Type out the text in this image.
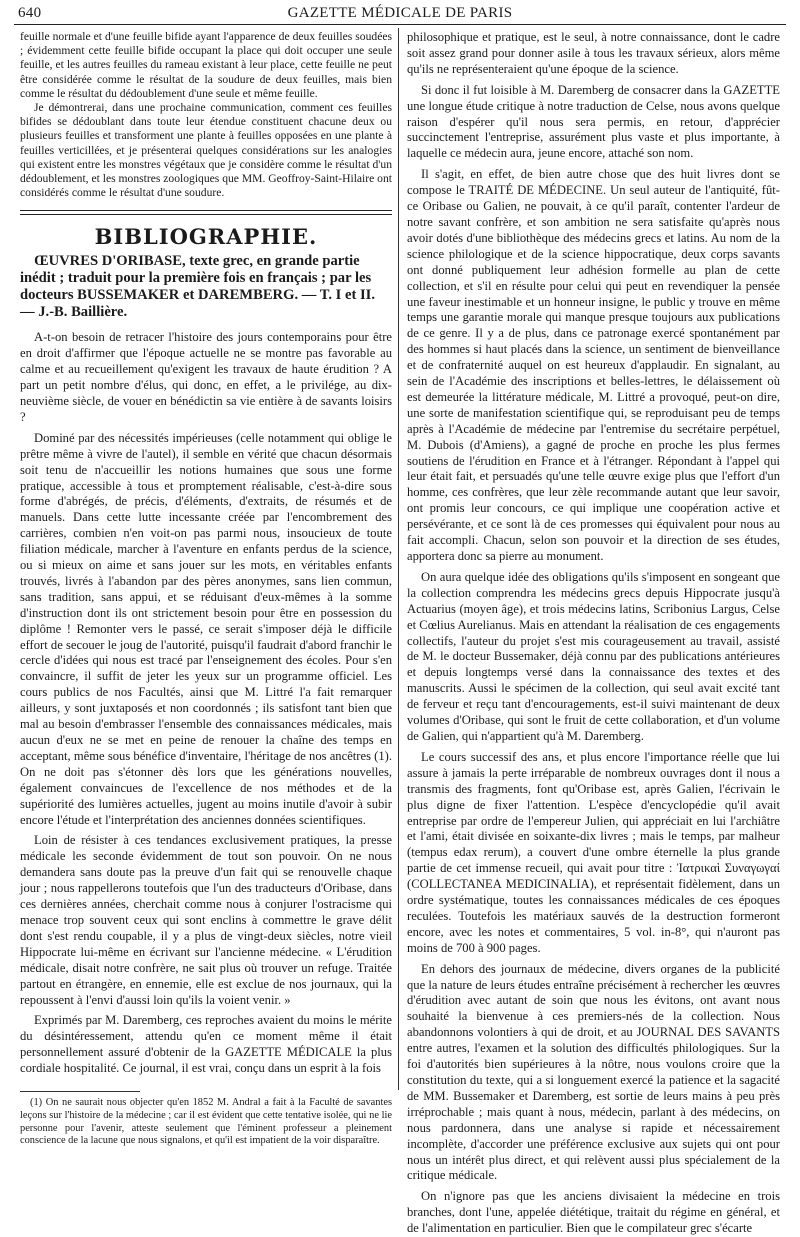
640	GAZETTE MÉDICALE DE PARIS

feuille normale et d'une feuille bifide ayant l'apparence de deux feuilles soudées ; évidemment cette feuille bifide occupant la place qui doit occuper une seule feuille, et les autres feuilles du rameau existant à leur place, cette feuille ne peut être considérée comme le résultat de la soudure de deux feuilles, mais bien comme le résultat du dédoublement d'une seule et même feuille.

Je démontrerai, dans une prochaine communication, comment ces feuilles bifides se dédoublant dans toute leur étendue constituent chacune deux ou plusieurs feuilles et transforment une plante à feuilles opposées en une plante à feuilles verticillées, et je présenterai quelques considérations sur les analogies qui existent entre les monstres végétaux que je considère comme le résultat d'un dédoublement, et les monstres zoologiques que MM. Geoffroy-Saint-Hilaire ont considérés comme le résultat d'une soudure.

BIBLIOGRAPHIE.

ŒUVRES D'ORIBASE, texte grec, en grande partie inédit ; traduit pour la première fois en français ; par les docteurs BUSSEMAKER et DAREMBERG. — T. I et II. — J.-B. Baillière.

A-t-on besoin de retracer l'histoire des jours contemporains pour être en droit d'affirmer que l'époque actuelle ne se montre pas favorable au calme et au recueillement qu'exigent les travaux de haute érudition ? A part un petit nombre d'élus, qui donc, en effet, a le privilége, au dix-neuvième siècle, de vouer en bénédictin sa vie entière à de savants loisirs ?

Dominé par des nécessités impérieuses (celle notamment qui oblige le prêtre même à vivre de l'autel), il semble en vérité que chacun désormais soit tenu de n'accueillir les notions humaines que sous une forme pratique, accessible à tous et promptement réalisable, c'est-à-dire sous forme d'abrégés, de précis, d'éléments, d'extraits, de résumés et de manuels. Dans cette lutte incessante créée par l'encombrement des carrières, combien n'en voit-on pas parmi nous, insoucieux de toute filiation médicale, marcher à l'aventure en enfants perdus de la science, ou si mieux on aime et sans jouer sur les mots, en véritables enfants trouvés, livrés à l'abandon par des pères anonymes, sans lien commun, sans tradition, sans appui, et se réduisant d'eux-mêmes à la somme d'instruction dont ils ont strictement besoin pour être en possession du diplôme ! Remonter vers le passé, ce serait s'imposer déjà le difficile effort de secouer le joug de l'autorité, puisqu'il faudrait d'abord franchir le cercle d'idées qui nous est tracé par l'enseignement des écoles. Pour s'en convaincre, il suffit de jeter les yeux sur un programme officiel. Les cours publics de nos Facultés, ainsi que M. Littré l'a fait remarquer ailleurs, y sont juxtaposés et non coordonnés ; ils satisfont tant bien que mal au besoin d'embrasser l'ensemble des connaissances médicales, mais aucun d'eux ne se met en peine de renouer la chaîne des temps en acceptant, même sous bénéfice d'inventaire, l'héritage de nos ancêtres (1). On ne doit pas s'étonner dès lors que les générations nouvelles, également convaincues de l'excellence de nos méthodes et de la supériorité des lumières actuelles, jugent au moins inutile d'avoir à subir encore l'étude et l'interprétation des anciennes données scientifiques.

Loin de résister à ces tendances exclusivement pratiques, la presse médicale les seconde évidemment de tout son pouvoir. On ne nous demandera sans doute pas la preuve d'un fait qui se renouvelle chaque jour ; nous rappellerons toutefois que l'un des traducteurs d'Oribase, dans ces dernières années, cherchait comme nous à conjurer l'ostracisme qui menace trop souvent ceux qui sont enclins à commettre le grave délit dont s'est rendu coupable, il y a plus de vingt-deux siècles, notre vieil Hippocrate lui-même en écrivant sur l'ancienne médecine. « L'érudition médicale, disait notre confrère, ne sait plus où trouver un refuge. Traitée partout en étrangère, en ennemie, elle est exclue de nos journaux, qui la repoussent à l'envi d'aussi loin qu'ils la voient venir. »

Exprimés par M. Daremberg, ces reproches avaient du moins le mérite du désintéressement, attendu qu'en ce moment même il était personnellement assuré d'obtenir de la GAZETTE MÉDICALE la plus cordiale hospitalité. Ce journal, il est vrai, conçu dans un esprit à la fois

(1) On ne saurait nous objecter qu'en 1852 M. Andral a fait à la Faculté de savantes leçons sur l'histoire de la médecine ; car il est évident que cette tentative isolée, qui ne lie personne pour l'avenir, atteste seulement que l'éminent professeur a pleinement conscience de la lacune que nous signalons, et qu'il est impatient de la voir disparaître.

philosophique et pratique, est le seul, à notre connaissance, dont le cadre soit assez grand pour donner asile à tous les travaux sérieux, alors même qu'ils ne représenteraient qu'une époque de la science.

Si donc il fut loisible à M. Daremberg de consacrer dans la GAZETTE une longue étude critique à notre traduction de Celse, nous avons quelque raison d'espérer qu'il nous sera permis, en retour, d'apprécier succinctement l'entreprise, assurément plus vaste et plus importante, à laquelle ce médecin aura, jeune encore, attaché son nom.

Il s'agit, en effet, de bien autre chose que des huit livres dont se compose le TRAITÉ DE MÉDECINE. Un seul auteur de l'antiquité, fût-ce Oribase ou Galien, ne pouvait, à ce qu'il paraît, contenter l'ardeur de notre savant confrère, et son ambition ne sera satisfaite qu'après nous avoir dotés d'une bibliothèque des médecins grecs et latins. Au nom de la science philologique et de la science hippocratique, deux corps savants ont donné publiquement leur adhésion formelle au plan de cette collection, et s'il en résulte pour celui qui peut en revendiquer la pensée une faveur inestimable et un honneur insigne, le public y trouve en même temps une garantie morale qui manque presque toujours aux publications de ce genre. Il y a de plus, dans ce patronage exercé spontanément par des hommes si haut placés dans la science, un sentiment de bienveillance et de confraternité auquel on est heureux d'applaudir. En signalant, au sein de l'Académie des inscriptions et belles-lettres, le délaissement où est demeurée la littérature médicale, M. Littré a provoqué, peut-on dire, une sorte de manifestation scientifique qui, se reproduisant peu de temps après à l'Académie de médecine par l'entremise du secrétaire perpétuel, M. Dubois (d'Amiens), a gagné de proche en proche les plus fermes soutiens de l'érudition en France et à l'étranger. Répondant à l'appel qui leur était fait, et persuadés qu'une telle œuvre exige plus que l'effort d'un homme, ces confrères, que leur zèle recommande autant que leur savoir, ont promis leur concours, ce qui implique une coopération active et persévérante, et ce sont là de ces promesses qui équivalent pour nous au fait accompli. Chacun, selon son pouvoir et la direction de ses études, apportera donc sa pierre au monument.

On aura quelque idée des obligations qu'ils s'imposent en songeant que la collection comprendra les médecins grecs depuis Hippocrate jusqu'à Actuarius (moyen âge), et trois médecins latins, Scribonius Largus, Celse et Cœlius Aurelianus. Mais en attendant la réalisation de ces engagements collectifs, l'auteur du projet s'est mis courageusement au travail, assisté de M. le docteur Bussemaker, déjà connu par des publications antérieures et depuis longtemps versé dans la connaissance des textes et des manuscrits. Aussi le spécimen de la collection, qui seul avait excité tant de ferveur et reçu tant d'encouragements, est-il suivi maintenant de deux volumes d'Oribase, qui sont le fruit de cette collaboration, et d'un volume de Galien, qui n'appartient qu'à M. Daremberg.

Le cours successif des ans, et plus encore l'importance réelle que lui assure à jamais la perte irréparable de nombreux ouvrages dont il nous a transmis des fragments, font qu'Oribase est, après Galien, l'écrivain le plus digne de fixer l'attention. L'espèce d'encyclopédie qu'il avait entreprise par ordre de l'empereur Julien, qui appréciait en lui l'archiâtre et l'ami, était divisée en soixante-dix livres ; mais le temps, par malheur (tempus edax rerum), a couvert d'une ombre éternelle la plus grande partie de cet immense recueil, qui avait pour titre : Ἰατρικαὶ Συναγωγαί (COLLECTANEA MEDICINALIA), et représentait fidèlement, dans un ordre systématique, toutes les connaissances médicales de ces époques reculées. Toutefois les matériaux sauvés de la destruction formeront encore, avec les notes et commentaires, 5 vol. in-8°, qui n'auront pas moins de 700 à 900 pages.

En dehors des journaux de médecine, divers organes de la publicité que la nature de leurs études entraîne précisément à rechercher les œuvres d'érudition avec autant de soin que nous les évitons, ont avant nous souhaité la bienvenue à ces premiers-nés de la collection. Nous abandonnons volontiers à qui de droit, et au JOURNAL DES SAVANTS entre autres, l'examen et la solution des difficultés philologiques. Sur la foi d'autorités bien supérieures à la nôtre, nous voulons croire que la constitution du texte, qui a si longuement exercé la patience et la sagacité de MM. Bussemaker et Daremberg, est sortie de leurs mains à peu près irréprochable ; mais quant à nous, médecin, parlant à des médecins, on nous pardonnera, dans une analyse si rapide et nécessairement incomplète, d'accorder une préférence exclusive aux sujets qui ont pour nous un intérêt plus direct, et qui relèvent aussi plus spécialement de la critique médicale.

On n'ignore pas que les anciens divisaient la médecine en trois branches, dont l'une, appelée diététique, traitait du régime en général, et de l'alimentation en particulier. Bien que le compilateur grec s'écarte
